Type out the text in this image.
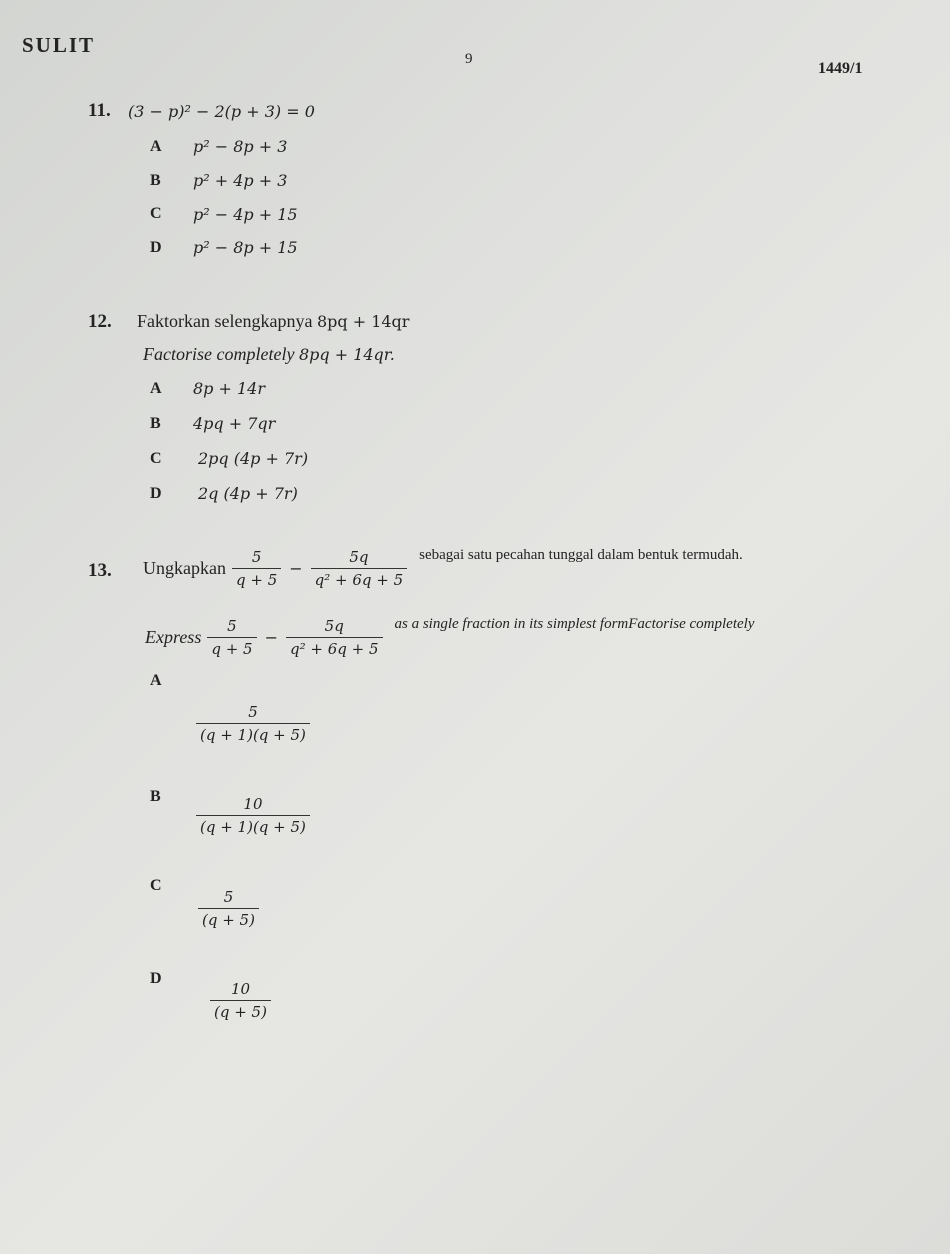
SULIT
9
1449/1
11. (3 − p)² − 2(p + 3) = 0
A p² − 8p + 3
B p² + 4p + 3
C p² − 4p + 15
D p² − 8p + 15
12. Faktorkan selengkapnya 8pq + 14qr
Factorise completely 8pq + 14qr.
A 8p + 14r
B 4pq + 7qr
C 2pq (4p + 7r)
D 2q (4p + 7r)
13. Ungkapkan $\frac{5}{q + 5} - \frac{5q}{\text{q² + 6q + 5}}$ sebagai satu pecahan tunggal dalam bentuk termudah.
Express $\frac{5}{q + 5} - \frac{5q}{\text{q² + 6q + 5}}$ as a single fraction in its simplest formFactorise completely
A
$\frac{5}{(q + 1)(q + 5)}$
B $\frac{10}{(q + 1)(q + 5)}$
C
$\frac{5}{(q + 5)}$
D
$\frac{10}{(q + 5)}$
